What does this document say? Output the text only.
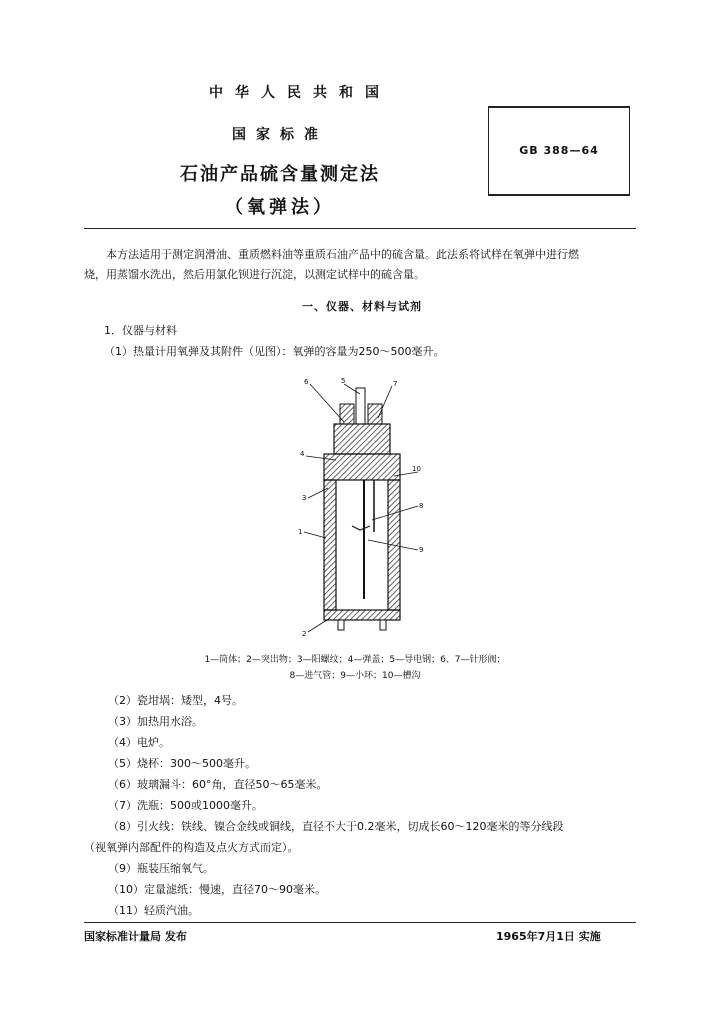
中华人民共和国
国家标准
石油产品硫含量测定法
（氧弹法）
GB 388—64
本方法适用于测定润滑油、重质燃料油等重质石油产品中的硫含量。此法系将试样在氧弹中进行燃
烧，用蒸馏水洗出，然后用氯化钡进行沉淀，以测定试样中的硫含量。
一、仪器、材料与试剂
1．仪器与材料
（1）热量计用氧弹及其附件（见图）：氧弹的容量为250～500毫升。
6	5	7
4
10
3
8
1
9
2
1—筒体；2—突出物；3—阳螺纹；4—弹盖；5—导电钢；6、7—针形阀；
8—进气管；9—小环；10—槽沟
（2）瓷坩埚：矮型，4号。
（3）加热用水浴。
（4）电炉。
（5）烧杯：300～500毫升。
（6）玻璃漏斗：60°角，直径50～65毫米。
（7）洗瓶：500或1000毫升。
（8）引火线：铁线、镍合金线或铜线，直径不大于0.2毫米，切成长60～120毫米的等分线段
（视氧弹内部配件的构造及点火方式而定）。
（9）瓶装压缩氧气。
（10）定量滤纸：慢速，直径70～90毫米。
（11）轻质汽油。
国家标准计量局 发布	1965年7月1日 实施
